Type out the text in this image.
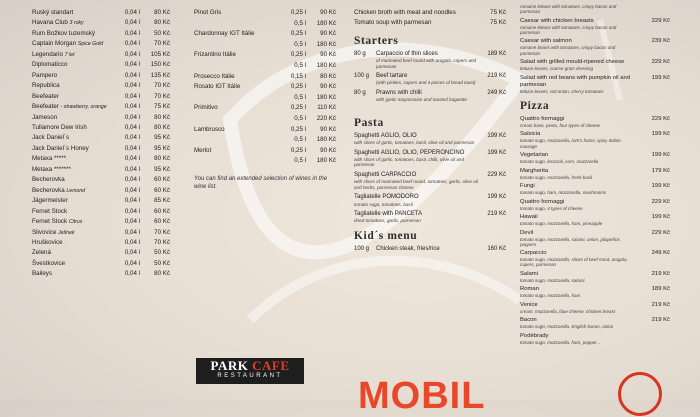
Ruský standart	0,04 l	80 Kč
Havana Club 3 roky	0,04 l	80 Kč
Rum Božkov tuzemský	0,04 l	50 Kč
Captain Morgan Spice Gold	0,04 l	70 Kč
Legendario 7 let	0,04 l	105 Kč
Diplomaticco	0,04 l	150 Kč
Pampero	0,04 l	135 Kč
Republica	0,04 l	70 Kč
Beefeater	0,04 l	70 Kč
Beefeater - strawberry, orange	0,04 l	75 Kč
Jameson	0,04 l	80 Kč
Tullamore Dew Irish	0,04 l	80 Kč
Jack Daniel´s	0,04 l	95 Kč
Jack Daniel´s Honey	0,04 l	95 Kč
Metaxa *****	0,04 l	80 Kč
Metaxa *******	0,04 l	95 Kč
Becherovka	0,04 l	60 Kč
Becherovka Lemond	0,04 l	60 Kč
Jägermeister	0,04 l	85 Kč
Fernet Stock	0,04 l	60 Kč
Fernet Stock Citrus	0,04 l	60 Kč
Slivovice Jelínek	0,04 l	70 Kč
Hruškovice	0,04 l	70 Kč
Zelená	0,04 l	50 Kč
Švestkovice	0,04 l	50 Kč
Baileys	0,04 l	80 Kč
Pinot Gris	0,25 l	90 Kč
0,5 l	180 Kč
Chardonnay IGT Itálie	0,25 l	90 Kč
0,5 l	180 Kč
Frizantino Itálie	0,25 l	90 Kč
0,5 l	180 Kč
Prosecco Itálie	0,15 l	80 Kč
Rosato IGT Itálie	0,25 l	90 Kč
0,5 l	180 Kč
Primitivo	0,25 l	110 Kč
0,5 l	220 Kč
Lambrusco	0,25 l	90 Kč
0,5 l	180 Kč
Merlot	0,25 l	90 Kč
0,5 l	180 Kč
You can find an extended selection of wines in the wine list.
Chicken broth with meat and noodles	75 Kč
Tomato soup with parmesan	75 Kč
Starters
80 g	Carpaccio of thin slices
of marinated beef round with arugula, capers and parmesan
189 Kč
100 g	Beef tartare
(with pickles, capers and 4 pieces of bread toast)
219 Kč
80 g	Prawns with chilli
with garlic mayonnaise and toasted baguette
249 Kč
Pasta
Spaghetti AGLIO, OLIO
with slices of garlic, tomatoes, basil, olive oil and parmesan
199 Kč
Spaghetti AGLIO, OLIO, PEPERONCINO
with slices of garlic, tomatoes, basil, chilli, olive oil and parmesan
199 Kč
Spaghetti CARPACCIO
with slices of marinated beef round, tomatoes, garlic, olive oil and herbs, parmesan cheese
229 Kč
Tagliatelle POMODORO
tomato sugo, tomatoes, basil
199 Kč
Tagliatelle with PANCETA
dried tomatoes, garlic, parmesan
219 Kč
Kid´s menu
100 g	Chicken steak, fries/rice	160 Kč
romaine lettuce with tomatoes, crispy bacon and parmesan
Caesar with chicken breasts
romaine lettuce with tomatoes, crispy bacon and parmesan
229 Kč
Caesar with salmon
romaine beans with tomatoes, crispy bacon and parmesan
239 Kč
Salad with grilled mould-ripened cheese
lettuce leaves, coarse grain dressing
229 Kč
Salad with red beans with pumpkin oil and parmesan
lettuce leaves, red onion, cherry tomatoes
199 Kč
Pizza
Quattro formaggi
cream base, pesto, four types of cheese
229 Kč
Salsicia
tomato sugo, mozzarella, rom's hams, spicy Italian sausage
199 Kč
Vegetarian
tomato sugo, broccoli, corn, mozzarella
199 Kč
Margherita
tomato sugo, mozzarella, fresh basil
179 Kč
Fungi
tomato sugo, ham, mozzarella, mushrooms
199 Kč
Quattro formaggi
tomato sugo, 4 types of cheese
229 Kč
Hawaii
tomato sugo, mozzarella, ham, pineapple
199 Kč
Devil
tomato sugo, mozzarella, salami, onion, jalapeños peppers
229 Kč
Carpaccio
tomato sugo, mozzarella, slices of beef meat, arugula, capers, parmesan
249 Kč
Salami
tomato sugo, mozzarella, salami
219 Kč
Roman
tomato sugo, mozzarella, ham
189 Kč
Venice
cream, mozzarella, blue cheese, chicken breast
219 Kč
Bacon
tomato sugo, mozzarella, English bacon, onion
219 Kč
Podébrady
tomato sugo, mozzarella, ham, pepper...
PARK CAFE
RESTAURANT	MOBIL
